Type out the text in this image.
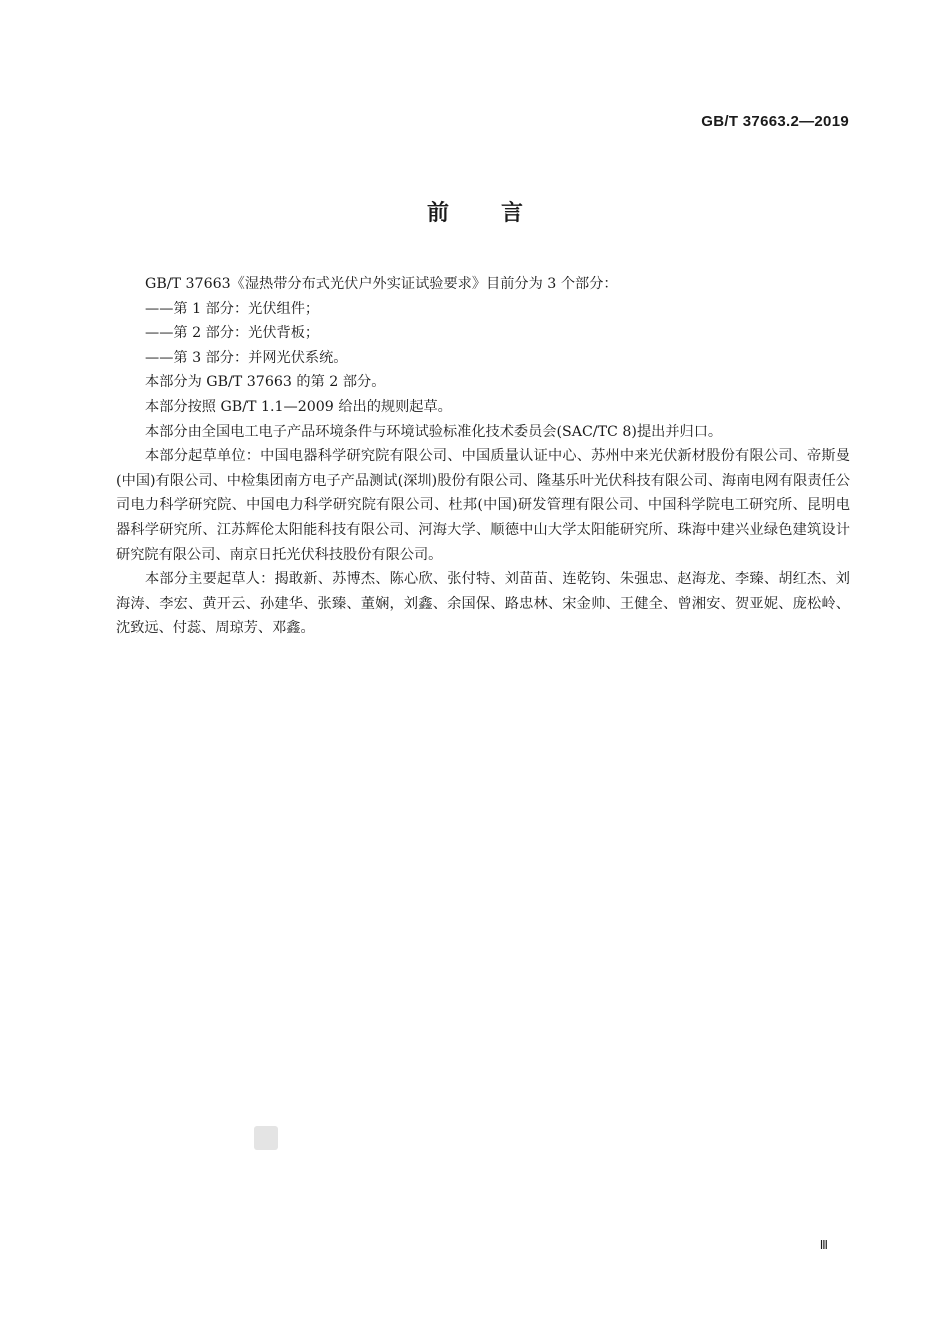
GB/T 37663.2—2019
前 言

GB/T 37663《湿热带分布式光伏户外实证试验要求》目前分为 3 个部分：

——第 1 部分：光伏组件；

——第 2 部分：光伏背板；

——第 3 部分：并网光伏系统。

本部分为 GB/T 37663 的第 2 部分。

本部分按照 GB/T 1.1—2009 给出的规则起草。

本部分由全国电工电子产品环境条件与环境试验标准化技术委员会(SAC/TC 8)提出并归口。

本部分起草单位：中国电器科学研究院有限公司、中国质量认证中心、苏州中来光伏新材股份有限公司、帝斯曼(中国)有限公司、中检集团南方电子产品测试(深圳)股份有限公司、隆基乐叶光伏科技有限公司、海南电网有限责任公司电力科学研究院、中国电力科学研究院有限公司、杜邦(中国)研发管理有限公司、中国科学院电工研究所、昆明电器科学研究所、江苏辉伦太阳能科技有限公司、河海大学、顺德中山大学太阳能研究所、珠海中建兴业绿色建筑设计研究院有限公司、南京日托光伏科技股份有限公司。

本部分主要起草人：揭敢新、苏博杰、陈心欣、张付特、刘苗苗、连乾钧、朱强忠、赵海龙、李臻、胡红杰、刘海涛、李宏、黄开云、孙建华、张臻、董娴，刘鑫、余国保、路忠林、宋金帅、王健全、曾湘安、贺亚妮、庞松岭、沈致远、付蕊、周琼芳、邓鑫。

Ⅲ
